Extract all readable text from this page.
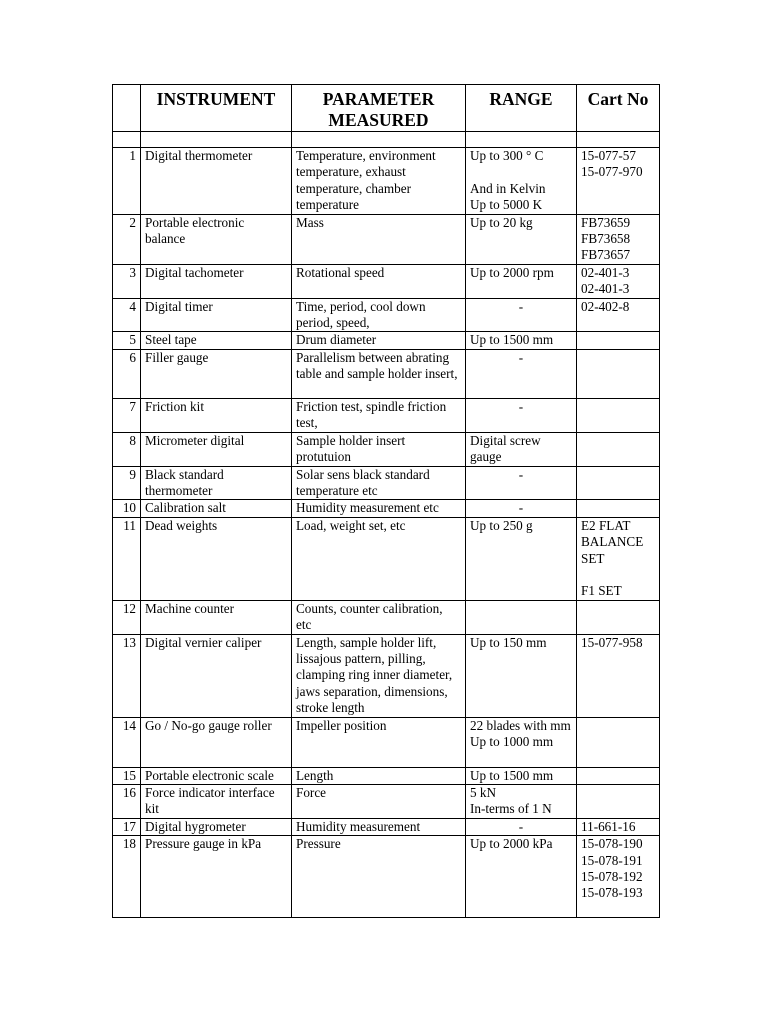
	INSTRUMENT	PARAMETER MEASURED	RANGE	Cart No

1	Digital thermometer	Temperature, environment temperature, exhaust temperature, chamber temperature	Up to 300 ° C

And in Kelvin
Up to 5000 K	15-077-57
15-077-970
2	Portable electronic balance	Mass	Up to 20 kg	FB73659
FB73658
FB73657
3	Digital tachometer	Rotational speed	Up to 2000 rpm	02-401-3
02-401-3
4	Digital timer	Time, period, cool down period, speed,	-	02-402-8
5	Steel tape	Drum diameter	Up to 1500 mm	
6	Filler gauge	Parallelism between abrating table and sample holder insert,	-	
7	Friction kit	Friction test, spindle friction test,	-	
8	Micrometer digital	Sample holder insert protutuion	Digital screw gauge	
9	Black standard thermometer	Solar sens black standard temperature etc	-	
10	Calibration salt	Humidity measurement etc	-	
11	Dead weights	Load, weight set, etc	Up to 250 g	E2 FLAT BALANCE SET

F1 SET
12	Machine counter	Counts, counter calibration, etc		
13	Digital vernier caliper	Length, sample holder lift, lissajous pattern, pilling, clamping ring inner diameter, jaws separation, dimensions, stroke length	Up to 150 mm	15-077-958
14	Go / No-go gauge roller	Impeller position	22 blades with mm
Up to 1000 mm	
15	Portable electronic scale	Length	Up to 1500 mm	
16	Force indicator interface kit	Force	5 kN
In-terms of 1 N	
17	Digital hygrometer	Humidity measurement	-	11-661-16
18	Pressure gauge in kPa	Pressure	Up to 2000 kPa	15-078-190
15-078-191
15-078-192
15-078-193
